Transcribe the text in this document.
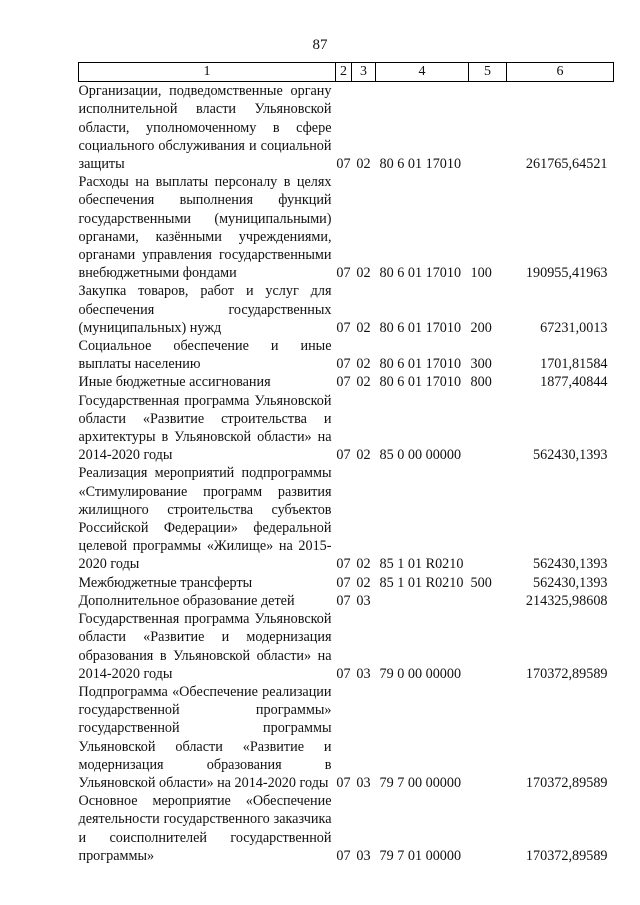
87
1	2	3	4	5	6
Организации, подведомственные органу исполнительной власти Ульяновской области, уполномоченному в сфере социального обслуживания и социальной защиты	07	02	80 6 01 17010		261765,64521
Расходы на выплаты персоналу в целях обеспечения выполнения функций государственными (муниципальными) органами, казёнными учреждениями, органами управления государственными внебюджетными фондами	07	02	80 6 01 17010	100	190955,41963
Закупка товаров, работ и услуг для обеспечения государственных (муниципальных) нужд	07	02	80 6 01 17010	200	67231,0013
Социальное обеспечение и иные выплаты населению	07	02	80 6 01 17010	300	1701,81584
Иные бюджетные ассигнования	07	02	80 6 01 17010	800	1877,40844
Государственная программа Ульяновской области «Развитие строительства и архитектуры в Ульяновской области» на 2014-2020 годы	07	02	85 0 00 00000		562430,1393
Реализация мероприятий подпрограммы «Стимулирование программ развития жилищного строительства субъектов Российской Федерации» федеральной целевой программы «Жилище» на 2015-2020 годы	07	02	85 1 01 R0210		562430,1393
Межбюджетные трансферты	07	02	85 1 01 R0210	500	562430,1393
Дополнительное образование детей	07	03			214325,98608
Государственная программа Ульяновской области «Развитие и модернизация образования в Ульяновской области» на 2014-2020 годы	07	03	79 0 00 00000		170372,89589
Подпрограмма «Обеспечение реализации государственной программы» государственной программы Ульяновской области «Развитие и модернизация образования в Ульяновской области» на 2014-2020 годы	07	03	79 7 00 00000		170372,89589
Основное мероприятие «Обеспечение деятельности государственного заказчика и соисполнителей государственной программы»	07	03	79 7 01 00000		170372,89589
